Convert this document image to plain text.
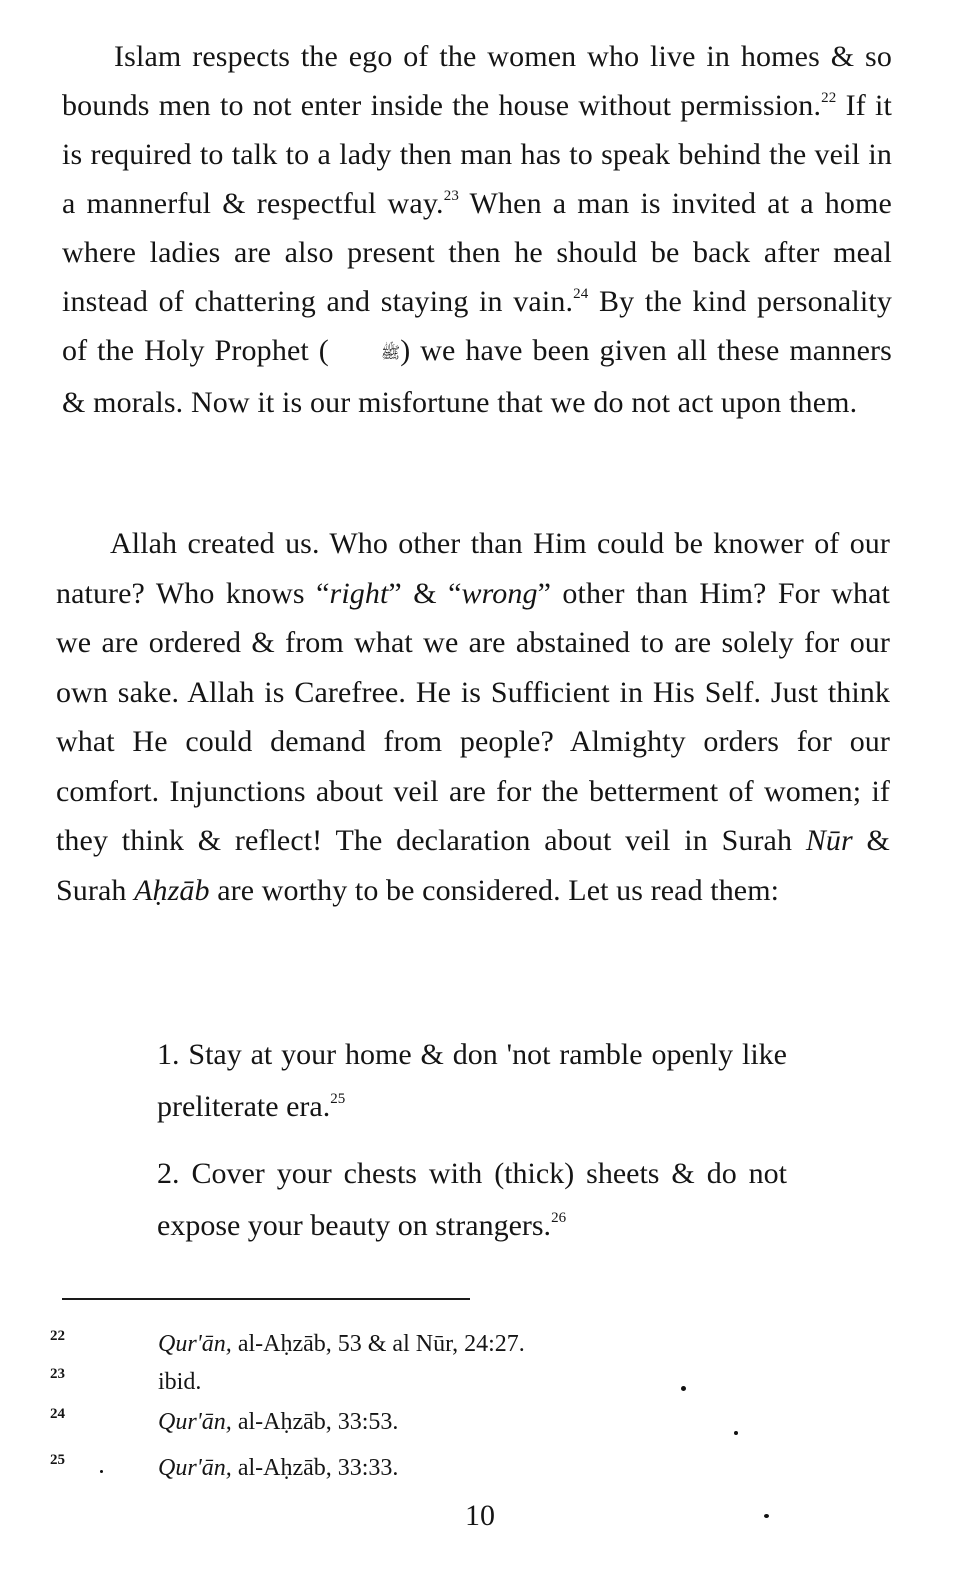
Islam respects the ego of the women who live in homes & so bounds men to not enter inside the house without permission.$^{22}$ If it is required to talk to a lady then man has to speak behind the veil in a mannerful & respectful way.$^{23}$ When a man is invited at a home where ladies are also present then he should be back after meal instead of chattering and staying in vain.$^{24}$ By the kind personality of the Holy Prophet (	ﷺ) we have been given all these manners & morals. Now it is our misfortune that we do not act upon them.

Allah created us. Who other than Him could be knower of our nature? Who knows “right” & “wrong” other than Him? For what we are ordered & from what we are abstained to are solely for our own sake. Allah is Carefree. He is Sufficient in His Self. Just think what He could demand from people? Almighty orders for our comfort. Injunctions about veil are for the betterment of women; if they think & reflect! The declaration about veil in Surah Nūr & Surah Aḥzāb are worthy to be considered. Let us read them:

1. Stay at your home & don 'not ramble openly like preliterate era.$^{25}$

2. Cover your chests with (thick) sheets & do not expose your beauty on strangers.$^{26}$

22	Qur'ān, al-Aḥzāb, 53 & al Nūr, 24:27.
23	ibid.
24	Qur'ān, al-Aḥzāb, 33:53.
25	Qur'ān, al-Aḥzāb, 33:33.
10
